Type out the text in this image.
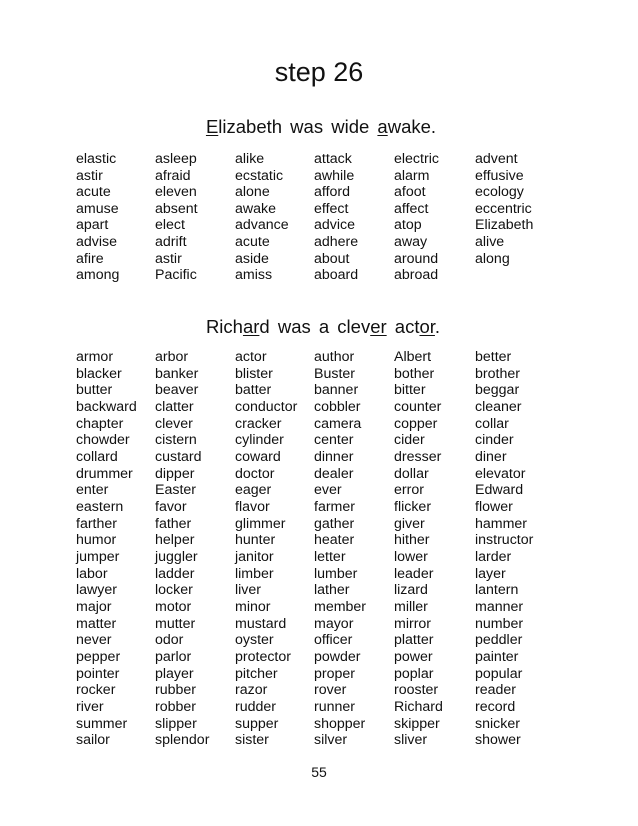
step 26
Elizabeth was wide awake.
elastic	asleep	alike	attack	electric	advent
astir	afraid	ecstatic	awhile	alarm	effusive
acute	eleven	alone	afford	afoot	ecology
amuse	absent	awake	effect	affect	eccentric
apart	elect	advance	advice	atop	Elizabeth
advise	adrift	acute	adhere	away	alive
afire	astir	aside	about	around	along
among	Pacific	amiss	aboard	abroad
Richard was a clever actor.
armor	arbor	actor	author	Albert	better
blacker	banker	blister	Buster	bother	brother
butter	beaver	batter	banner	bitter	beggar
backward	clatter	conductor	cobbler	counter	cleaner
chapter	clever	cracker	camera	copper	collar
chowder	cistern	cylinder	center	cider	cinder
collard	custard	coward	dinner	dresser	diner
drummer	dipper	doctor	dealer	dollar	elevator
enter	Easter	eager	ever	error	Edward
eastern	favor	flavor	farmer	flicker	flower
farther	father	glimmer	gather	giver	hammer
humor	helper	hunter	heater	hither	instructor
jumper	juggler	janitor	letter	lower	larder
labor	ladder	limber	lumber	leader	layer
lawyer	locker	liver	lather	lizard	lantern
major	motor	minor	member	miller	manner
matter	mutter	mustard	mayor	mirror	number
never	odor	oyster	officer	platter	peddler
pepper	parlor	protector	powder	power	painter
pointer	player	pitcher	proper	poplar	popular
rocker	rubber	razor	rover	rooster	reader
river	robber	rudder	runner	Richard	record
summer	slipper	supper	shopper	skipper	snicker
sailor	splendor	sister	silver	sliver	shower
55
